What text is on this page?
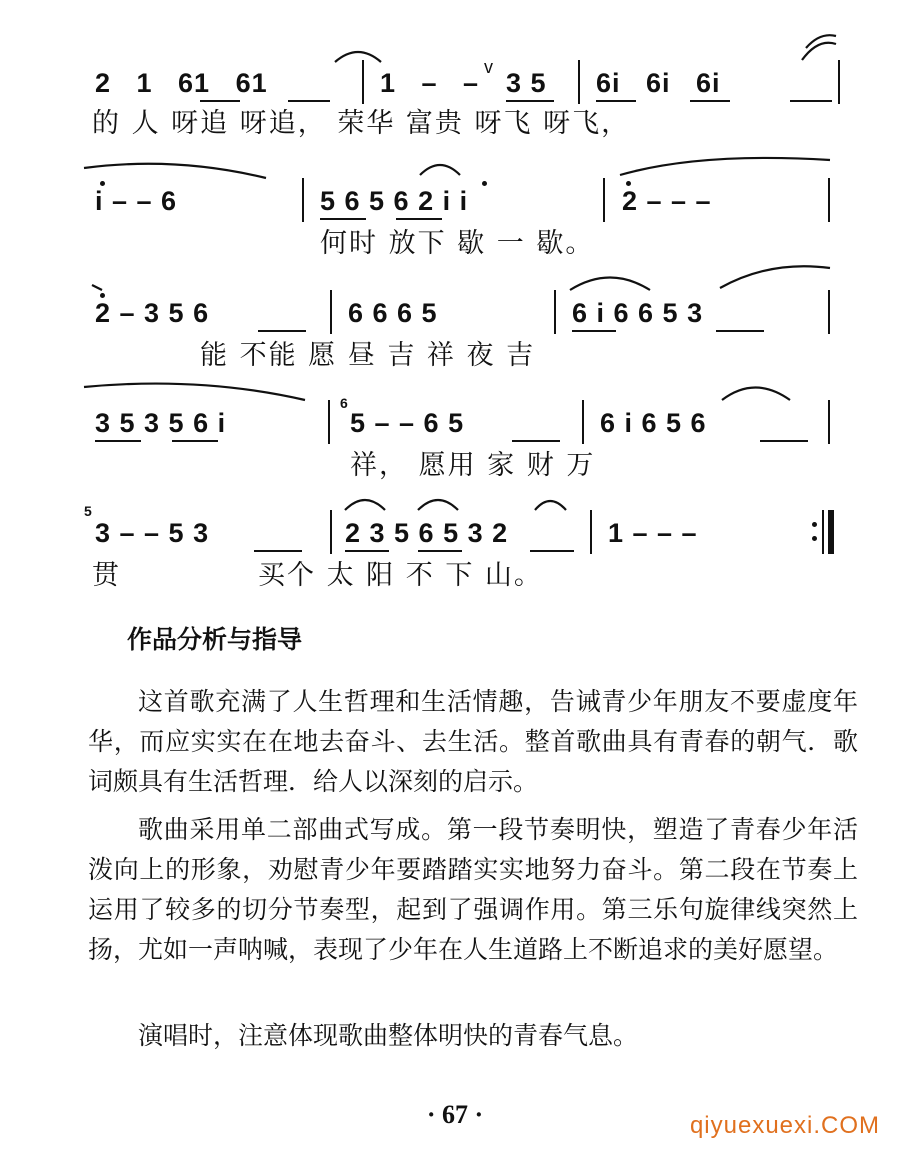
2   1   61   61	1   –   –
v
3 5 6i   6i   6i
的 人 呀追 呀追， 荣华 富贵 呀飞 呀飞，
i – – 6	5 6 5 6 2 i i	2 – – –
何时 放下 歇 一 歇。
2 – 3 5 6	6 6 6 5	6 i 6 6 5 3
能 不能 愿 昼 吉 祥 夜 吉
3 5 3 5 6 i
6
5 – – 6 5	6 i 6 5 6
祥， 愿用 家 财 万
5
3 – – 5 3	2 3 5 6 5 3 2	1 – – –
贯	买个 太 阳 不 下 山。
作品分析与指导
这首歌充满了人生哲理和生活情趣，告诫青少年朋友不要虚度年华，而应实实在在地去奋斗、去生活。整首歌曲具有青春的朝气．歌词颇具有生活哲理．给人以深刻的启示。
歌曲采用单二部曲式写成。第一段节奏明快，塑造了青春少年活泼向上的形象，劝慰青少年要踏踏实实地努力奋斗。第二段在节奏上运用了较多的切分节奏型，起到了强调作用。第三乐句旋律线突然上扬，尤如一声呐喊，表现了少年在人生道路上不断追求的美好愿望。
演唱时，注意体现歌曲整体明快的青春气息。
· 67 ·	qiyuexuexi.COM
